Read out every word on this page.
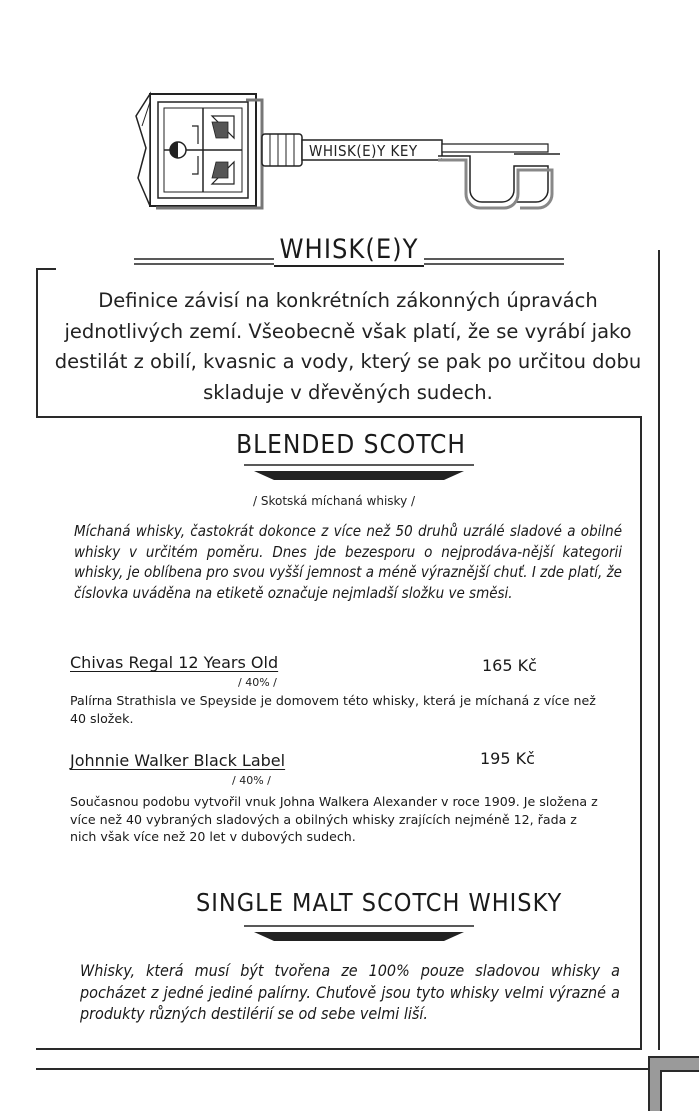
WHISK(E)Y KEY
WHISK(E)Y
Definice závisí na konkrétních zákonných úpravách jednotlivých zemí. Všeobecně však platí, že se vyrábí jako destilát z obilí, kvasnic a vody, který se pak po určitou dobu skladuje v dřevěných sudech.
BLENDED SCOTCH
/ Skotská míchaná whisky /
Míchaná whisky, častokrát dokonce z více než 50 druhů uzrálé sladové a obilné whisky v určitém poměru. Dnes jde bezesporu o nejprodáva-nější kategorii whisky, je oblíbena pro svou vyšší jemnost a méně výraznější chuť. I zde platí, že číslovka uváděna na etiketě označuje nejmladší složku ve směsi.
Chivas Regal 12 Years Old	165 Kč
/ 40% /
Palírna Strathisla ve Speyside je domovem této whisky, která je míchaná z více než 40 složek.
Johnnie Walker Black Label	195 Kč
/ 40% /
Současnou podobu vytvořil vnuk Johna Walkera Alexander v roce 1909. Je složena z více než 40 vybraných sladových a obilných whisky zrajících nejméně 12, řada z nich však více než 20 let v dubových sudech.
SINGLE MALT SCOTCH WHISKY
Whisky, která musí být tvořena ze 100% pouze sladovou whisky a pocházet z jedné jediné palírny. Chuťově jsou tyto whisky velmi výrazné a produkty různých destilérií se od sebe velmi liší.
